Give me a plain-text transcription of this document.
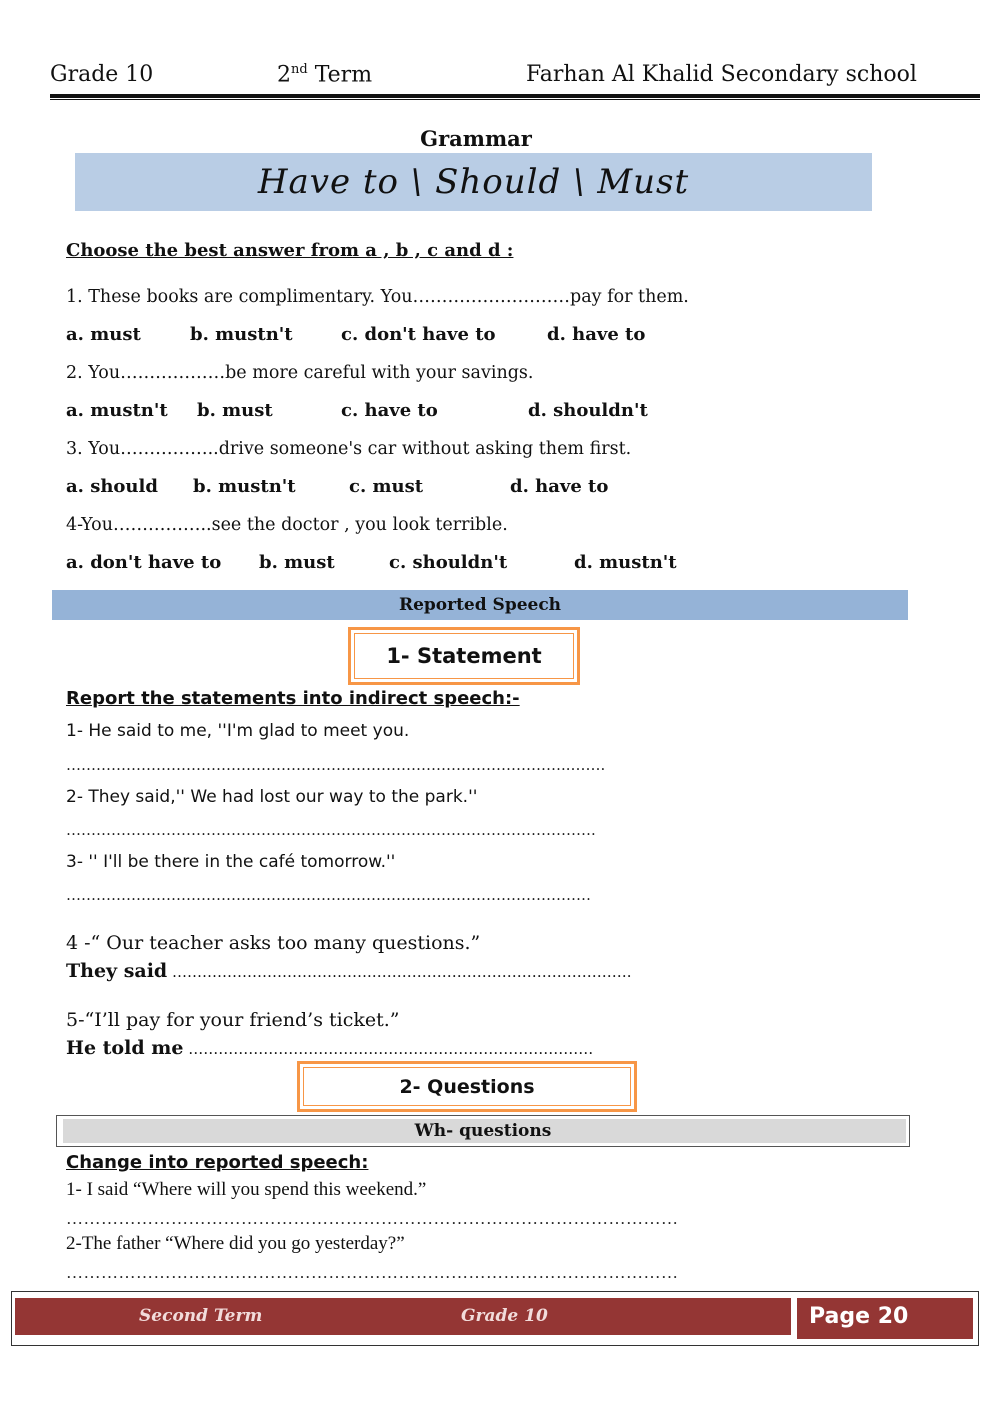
Grade 10	2nd Term	Farhan Al Khalid Secondary school
Grammar
Have to \ Should \ Must
Choose the best answer from a , b , c and d :
1. These books are complimentary. You………………………pay for them.
a. must	b. mustn't	c. don't have to	d. have to
2. You………………be more careful with your savings.
a. mustn't b. must	c. have to	d. shouldn't
3. You……………..drive someone's car without asking them first.
a. should b. mustn't	c. must	d. have to
4-You……………..see the doctor , you look terrible.
a. don't have to b. must	c. shouldn't	d. mustn't
Reported Speech
1- Statement
Report the statements into indirect speech:-
1- He said to me, ''I'm glad to meet you.
………………………………………………………………………………………..…….
2- They said,'' We had lost our way to the park.''
…………………………………………………………………………………………….
3- '' I'll be there in the café tomorrow.''
……………………………………………………………………………………………
4 -“ Our teacher asks too many questions.”
They said ………………………………….…………………………………………….
5-“I’ll pay for your friend’s ticket.”
He told me ………………………………………………………………………
2- Questions
Wh- questions
Change into reported speech:
1- I said “Where will you spend this weekend.”
……………………………………………………………………………………………
2-The father “Where did you go yesterday?”
……………………………………………………………………………………………
Second Term	Grade 10	Page 20
